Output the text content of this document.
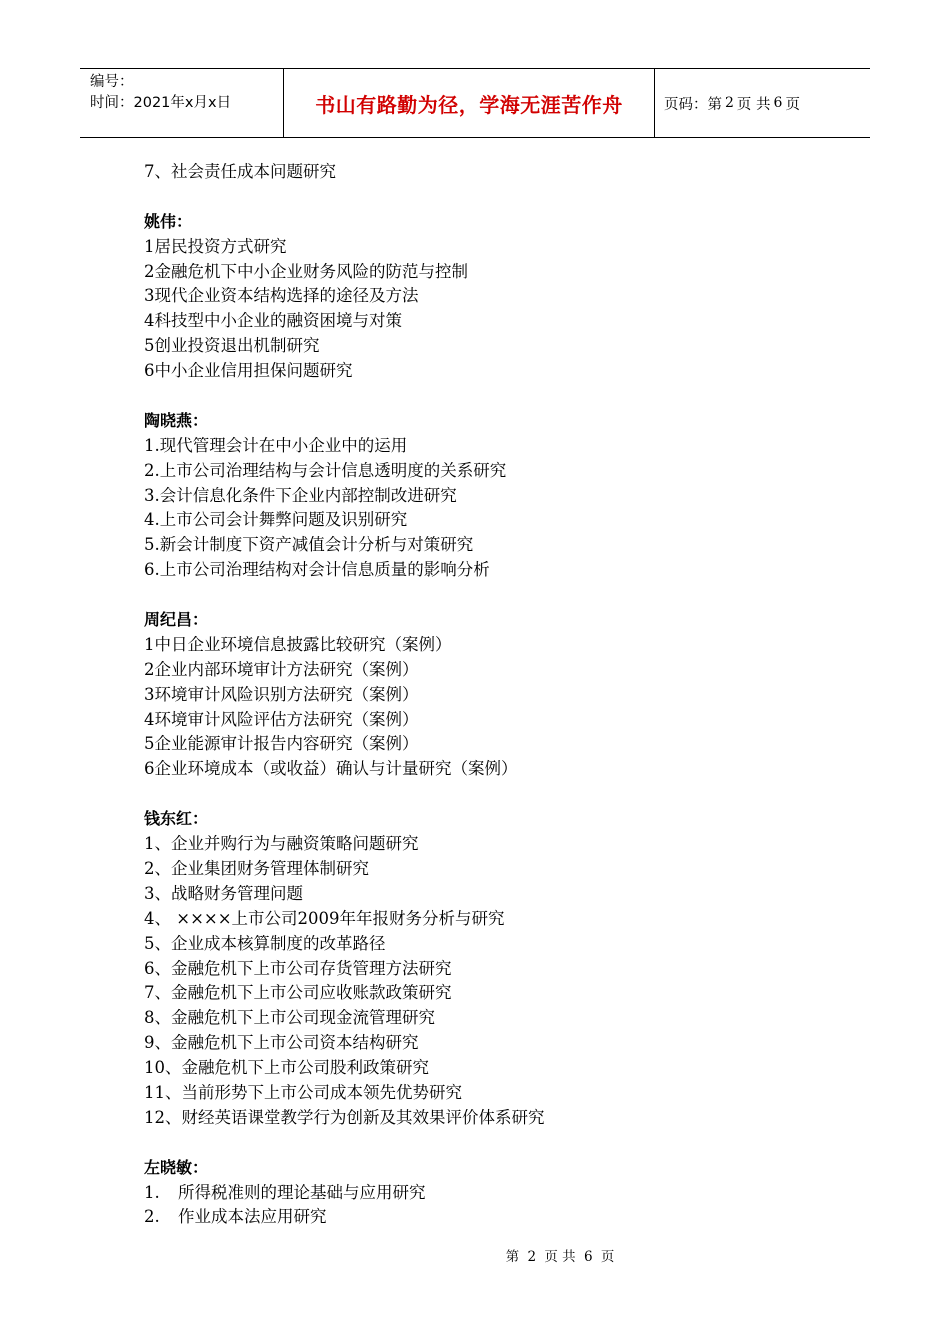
编号：
时间：2021年x月x日	书山有路勤为径，学海无涯苦作舟	页码：第 2 页 共 6 页
7、社会责任成本问题研究
姚伟：
1居民投资方式研究
2金融危机下中小企业财务风险的防范与控制
3现代企业资本结构选择的途径及方法
4科技型中小企业的融资困境与对策
5创业投资退出机制研究
6中小企业信用担保问题研究
陶晓燕：
1.现代管理会计在中小企业中的运用
2.上市公司治理结构与会计信息透明度的关系研究
3.会计信息化条件下企业内部控制改进研究
4.上市公司会计舞弊问题及识别研究
5.新会计制度下资产减值会计分析与对策研究
6.上市公司治理结构对会计信息质量的影响分析
周纪昌：
1中日企业环境信息披露比较研究（案例）
2企业内部环境审计方法研究（案例）
3环境审计风险识别方法研究（案例）
4环境审计风险评估方法研究（案例）
5企业能源审计报告内容研究（案例）
6企业环境成本（或收益）确认与计量研究（案例）
钱东红：
1、企业并购行为与融资策略问题研究
2、企业集团财务管理体制研究
3、战略财务管理问题
4、 ××××上市公司2009年年报财务分析与研究
5、企业成本核算制度的改革路径
6、金融危机下上市公司存货管理方法研究
7、金融危机下上市公司应收账款政策研究
8、金融危机下上市公司现金流管理研究
9、金融危机下上市公司资本结构研究
10、金融危机下上市公司股利政策研究
11、当前形势下上市公司成本领先优势研究
12、财经英语课堂教学行为创新及其效果评价体系研究
左晓敏：
1. 所得税准则的理论基础与应用研究
2. 作业成本法应用研究
第 2 页 共 6 页
